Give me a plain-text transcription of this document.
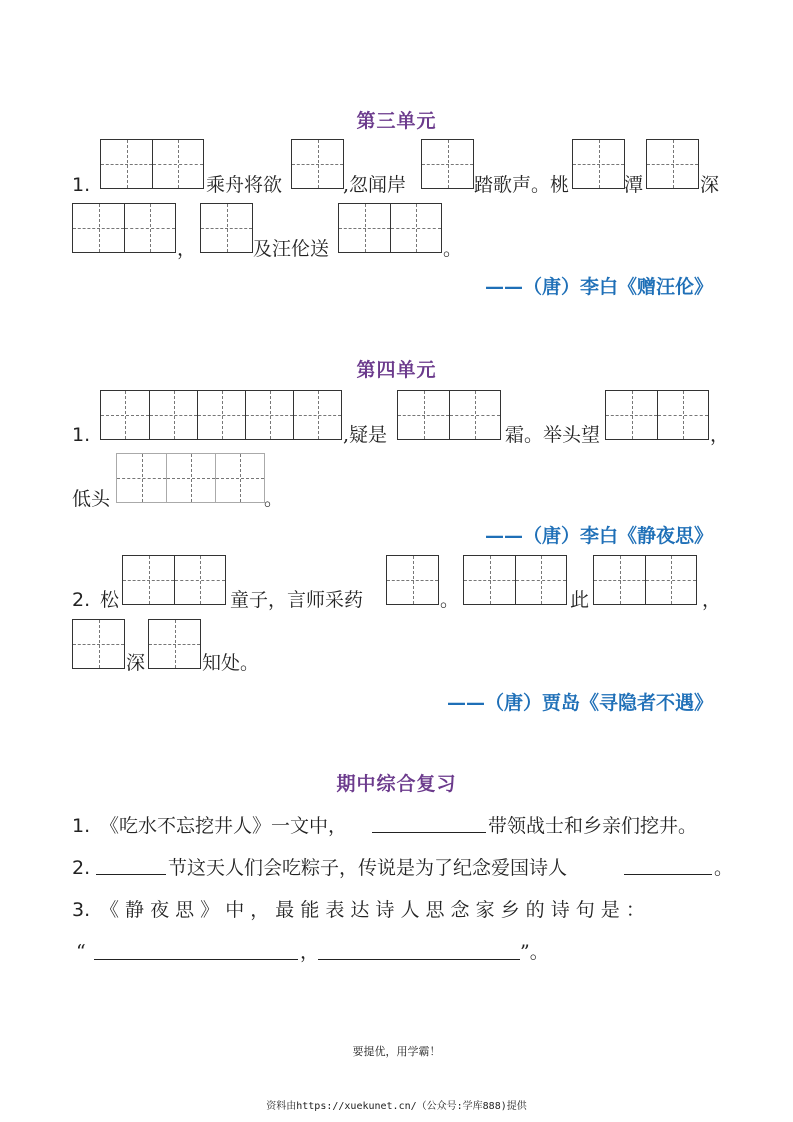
第三单元
1.	乘舟将欲	,忽闻岸	踏歌声。桃	潭	深
，	及汪伦送	。
——（唐）李白《赠汪伦》
第四单元
1.	,疑是	霜。举头望	，
低头	。
——（唐）李白《静夜思》
2. 松	童子，言师采药	。	此	，
深	知处。
——（唐）贾岛《寻隐者不遇》
期中综合复习
1. 《吃水不忘挖井人》一文中，	带领战士和乡亲们挖井。
2.	节这天人们会吃粽子，传说是为了纪念爱国诗人	。
3. 《 静 夜 思 》 中 ， 最 能 表 达 诗 人 思 念 家 乡 的 诗 句 是 ：
“	，	”。
要提优，用学霸！
资料由https://xuekunet.cn/（公众号:学库888)提供
